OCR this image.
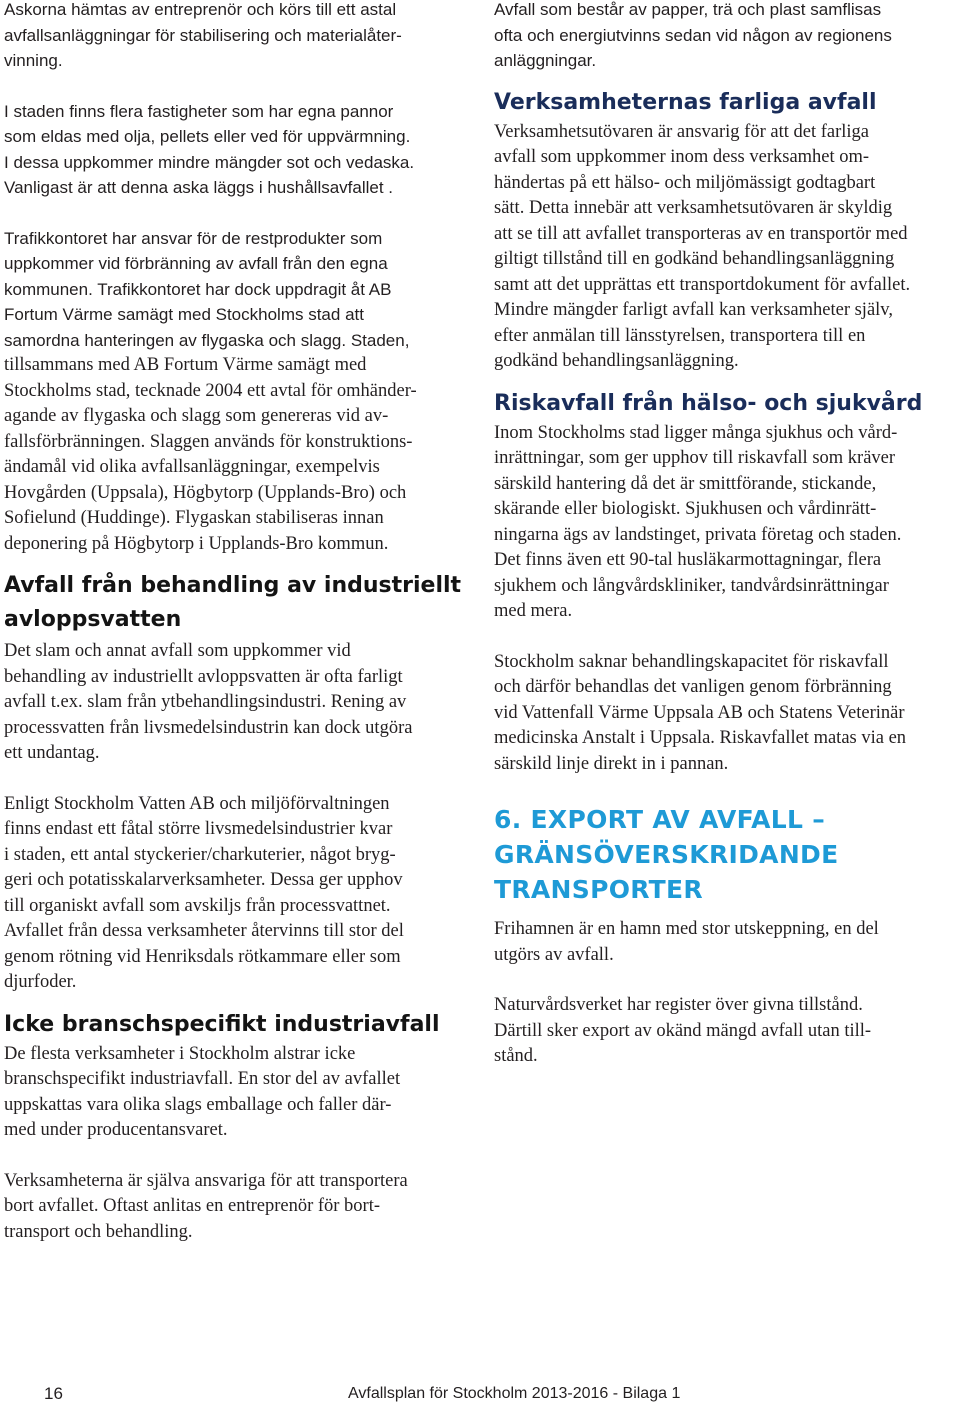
Askorna hämtas av entreprenör och körs till ett astal
avfallsanläggningar för stabilisering och materialåter-
vinning.
I staden finns flera fastigheter som har egna pannor
som eldas med olja, pellets eller ved för uppvärmning.
I dessa uppkommer mindre mängder sot och vedaska.
Vanligast är att denna aska läggs i hushållsavfallet .
Trafikkontoret har ansvar för de restprodukter som
uppkommer vid förbränning av avfall från den egna
kommunen. Trafikkontoret har dock uppdragit åt AB
Fortum Värme samägt med Stockholms stad att
samordna hanteringen av flygaska och slagg. Staden,
tillsammans med AB Fortum Värme samägt med
Stockholms stad, tecknade 2004 ett avtal för omhänder-
agande av flygaska och slagg som genereras vid av-
fallsförbränningen. Slaggen används för konstruktions-
ändamål vid olika avfallsanläggningar, exempelvis
Hovgården (Uppsala), Högbytorp (Upplands-Bro) och
Sofielund (Huddinge). Flygaskan stabiliseras innan
deponering på Högbytorp i Upplands-Bro kommun.
Avfall från behandling av industriellt
avloppsvatten
Det slam och annat avfall som uppkommer vid
behandling av industriellt avloppsvatten är ofta farligt
avfall t.ex. slam från ytbehandlingsindustri. Rening av
processvatten från livsmedelsindustrin kan dock utgöra
ett undantag.
Enligt Stockholm Vatten AB och miljöförvaltningen
finns endast ett fåtal större livsmedelsindustrier kvar
i staden, ett antal styckerier/charkuterier, något bryg-
geri och potatisskalarverksamheter. Dessa ger upphov
till organiskt avfall som avskiljs från processvattnet.
Avfallet från dessa verksamheter återvinns till stor del
genom rötning vid Henriksdals rötkammare eller som
djurfoder.
Icke branschspecifikt industriavfall
De flesta verksamheter i Stockholm alstrar icke
branschspecifikt industriavfall. En stor del av avfallet
uppskattas vara olika slags emballage och faller där-
med under producentansvaret.
Verksamheterna är själva ansvariga för att transportera
bort avfallet. Oftast anlitas en entreprenör för bort-
transport och behandling.
Avfall som består av papper, trä och plast samflisas
ofta och energiutvinns sedan vid någon av regionens
anläggningar.
Verksamheternas farliga avfall
Verksamhetsutövaren är ansvarig för att det farliga
avfall som uppkommer inom dess verksamhet om-
händertas på ett hälso- och miljömässigt godtagbart
sätt. Detta innebär att verksamhetsutövaren är skyldig
att se till att avfallet transporteras av en transportör med
giltigt tillstånd till en godkänd behandlingsanläggning
samt att det upprättas ett transportdokument för avfallet.
Mindre mängder farligt avfall kan verksamheter själv,
efter anmälan till länsstyrelsen, transportera till en
godkänd behandlingsanläggning.
Riskavfall från hälso- och sjukvård
Inom Stockholms stad ligger många sjukhus och vård-
inrättningar, som ger upphov till riskavfall som kräver
särskild hantering då det är smittförande, stickande,
skärande eller biologiskt. Sjukhusen och vårdinrätt-
ningarna ägs av landstinget, privata företag och staden.
Det finns även ett 90-tal husläkarmottagningar, flera
sjukhem och långvårdskliniker, tandvårdsinrättningar
med mera.
Stockholm saknar behandlingskapacitet för riskavfall
och därför behandlas det vanligen genom förbränning
vid Vattenfall Värme Uppsala AB och Statens Veterinär
medicinska Anstalt i Uppsala. Riskavfallet matas via en
särskild linje direkt in i pannan.
6. EXPORT AV AVFALL –
GRÄNSÖVERSKRIDANDE
TRANSPORTER
Frihamnen är en hamn med stor utskeppning, en del
utgörs av avfall.
Naturvårdsverket har register över givna tillstånd.
Därtill sker export av okänd mängd avfall utan till-
stånd.
16	Avfallsplan för Stockholm 2013-2016 - Bilaga 1
